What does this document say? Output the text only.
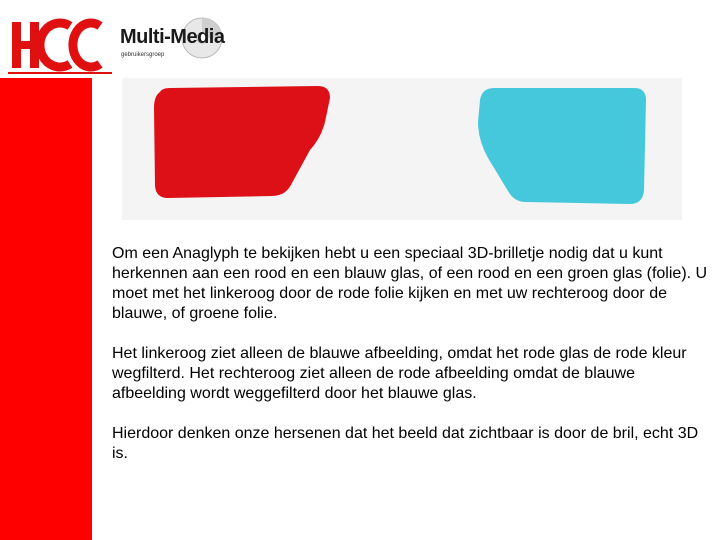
Multi-Media
gebruikersgroep

Om een Anaglyph te bekijken hebt u een speciaal 3D-brilletje nodig dat u kunt herkennen aan een rood en een blauw glas, of een rood en een groen glas (folie). U moet met het linkeroog door de rode folie kijken en met uw rechteroog door de blauwe, of groene folie.

Het linkeroog ziet alleen de blauwe afbeelding, omdat het rode glas de rode kleur wegfilterd. Het rechteroog ziet alleen de rode afbeelding omdat de blauwe afbeelding wordt weggefilterd door het blauwe glas.

Hierdoor denken onze hersenen dat het beeld dat zichtbaar is door de bril, echt 3D is.
